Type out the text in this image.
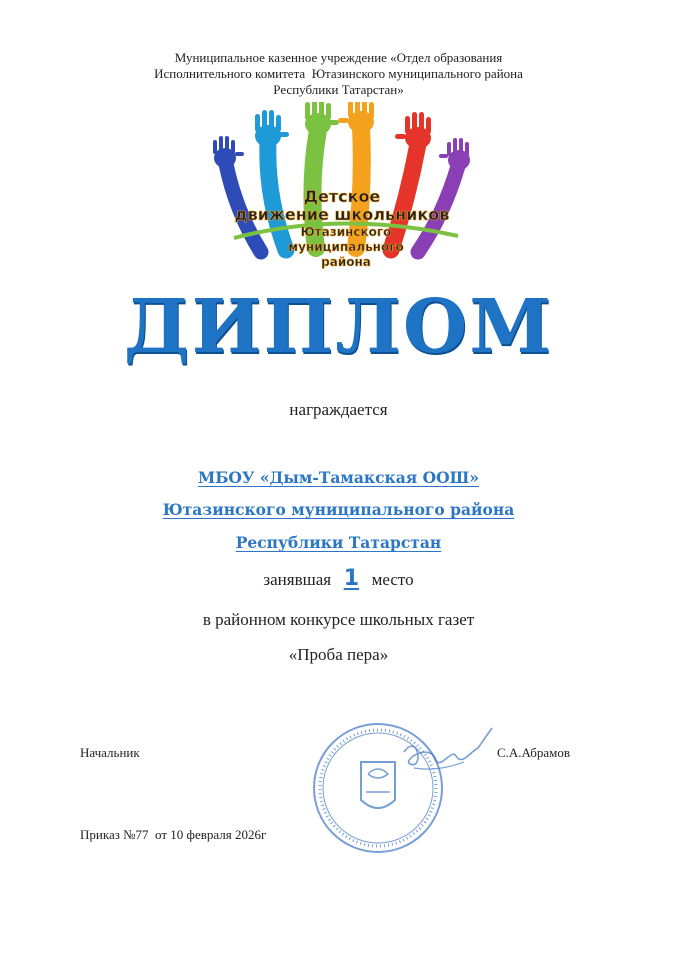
Муниципальное казенное учреждение «Отдел образования
Исполнительного комитета  Ютазинского муниципального района
Республики Татарстан»
Детское
движение школьников
Ютазинского
муниципального
района
ДИПЛОМ
награждается
МБОУ «Дым-Тамакская ООШ»
Ютазинского муниципального района
Республики Татарстан
занявшая 1 место
в районном конкурсе школьных газет
«Проба пера»
Начальник	С.А.Абрамов
Приказ №77  от 10 февраля 2026г
